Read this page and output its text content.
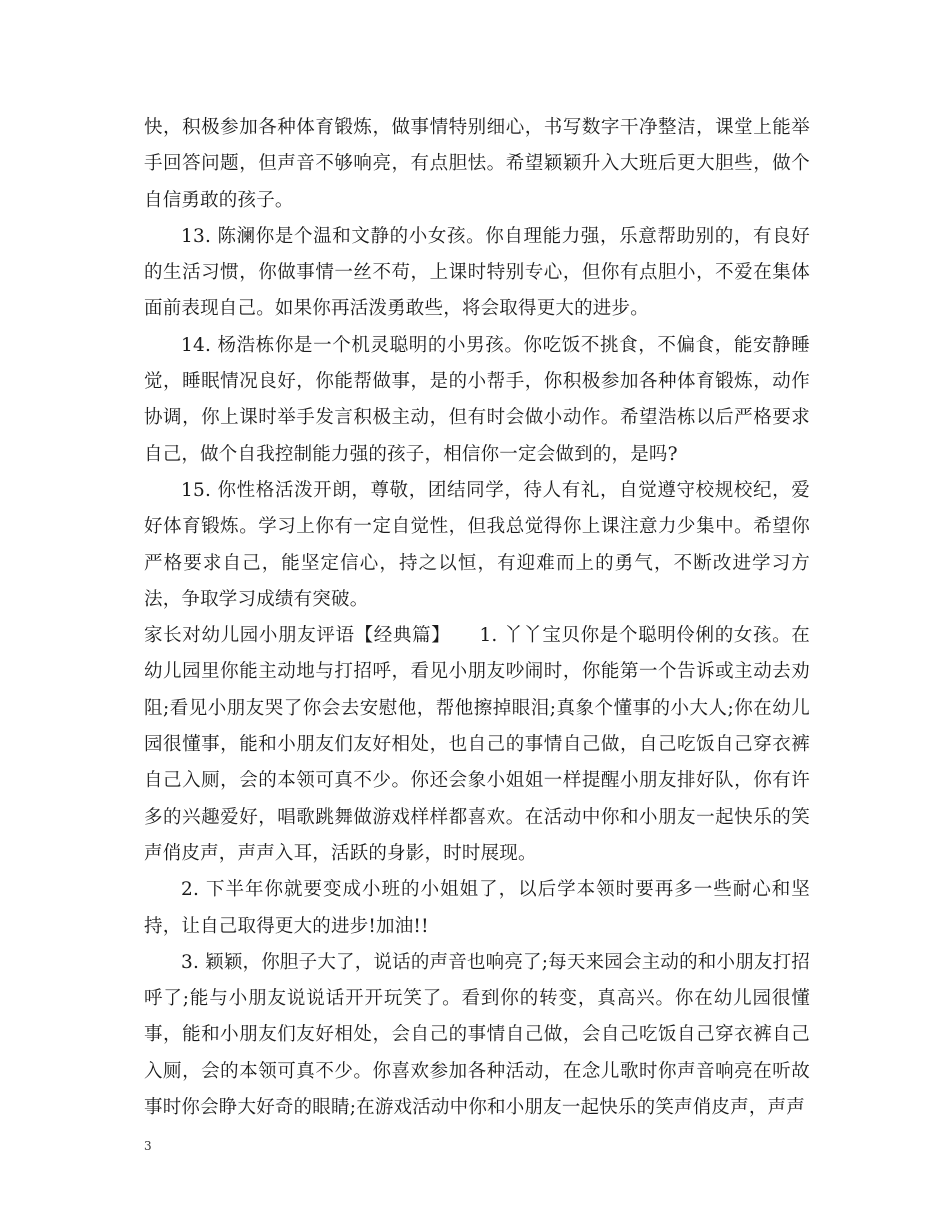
快，积极参加各种体育锻炼，做事情特别细心，书写数字干净整洁，课堂上能举手回答问题，但声音不够响亮，有点胆怯。希望颖颖升入大班后更大胆些，做个自信勇敢的孩子。

13. 陈澜你是个温和文静的小女孩。你自理能力强，乐意帮助别的，有良好的生活习惯，你做事情一丝不苟，上课时特别专心，但你有点胆小，不爱在集体面前表现自己。如果你再活泼勇敢些，将会取得更大的进步。

14. 杨浩栋你是一个机灵聪明的小男孩。你吃饭不挑食，不偏食，能安静睡觉，睡眠情况良好，你能帮做事，是的小帮手，你积极参加各种体育锻炼，动作协调，你上课时举手发言积极主动，但有时会做小动作。希望浩栋以后严格要求自己，做个自我控制能力强的孩子，相信你一定会做到的，是吗?

15. 你性格活泼开朗，尊敬，团结同学，待人有礼，自觉遵守校规校纪，爱好体育锻炼。学习上你有一定自觉性，但我总觉得你上课注意力少集中。希望你严格要求自己，能坚定信心，持之以恒，有迎难而上的勇气，不断改进学习方法，争取学习成绩有突破。

家长对幼儿园小朋友评语【经典篇】　　1. 丫丫宝贝你是个聪明伶俐的女孩。在幼儿园里你能主动地与打招呼，看见小朋友吵闹时，你能第一个告诉或主动去劝阻;看见小朋友哭了你会去安慰他，帮他擦掉眼泪;真象个懂事的小大人;你在幼儿园很懂事，能和小朋友们友好相处，也自己的事情自己做，自己吃饭自己穿衣裤自己入厕，会的本领可真不少。你还会象小姐姐一样提醒小朋友排好队，你有许多的兴趣爱好，唱歌跳舞做游戏样样都喜欢。在活动中你和小朋友一起快乐的笑声俏皮声，声声入耳，活跃的身影，时时展现。

2. 下半年你就要变成小班的小姐姐了，以后学本领时要再多一些耐心和坚持，让自己取得更大的进步!加油!!

3. 颖颖，你胆子大了，说话的声音也响亮了;每天来园会主动的和小朋友打招呼了;能与小朋友说说话开开玩笑了。看到你的转变，真高兴。你在幼儿园很懂事，能和小朋友们友好相处，会自己的事情自己做，会自己吃饭自己穿衣裤自己入厕，会的本领可真不少。你喜欢参加各种活动，在念儿歌时你声音响亮在听故事时你会睁大好奇的眼睛;在游戏活动中你和小朋友一起快乐的笑声俏皮声，声声

3
